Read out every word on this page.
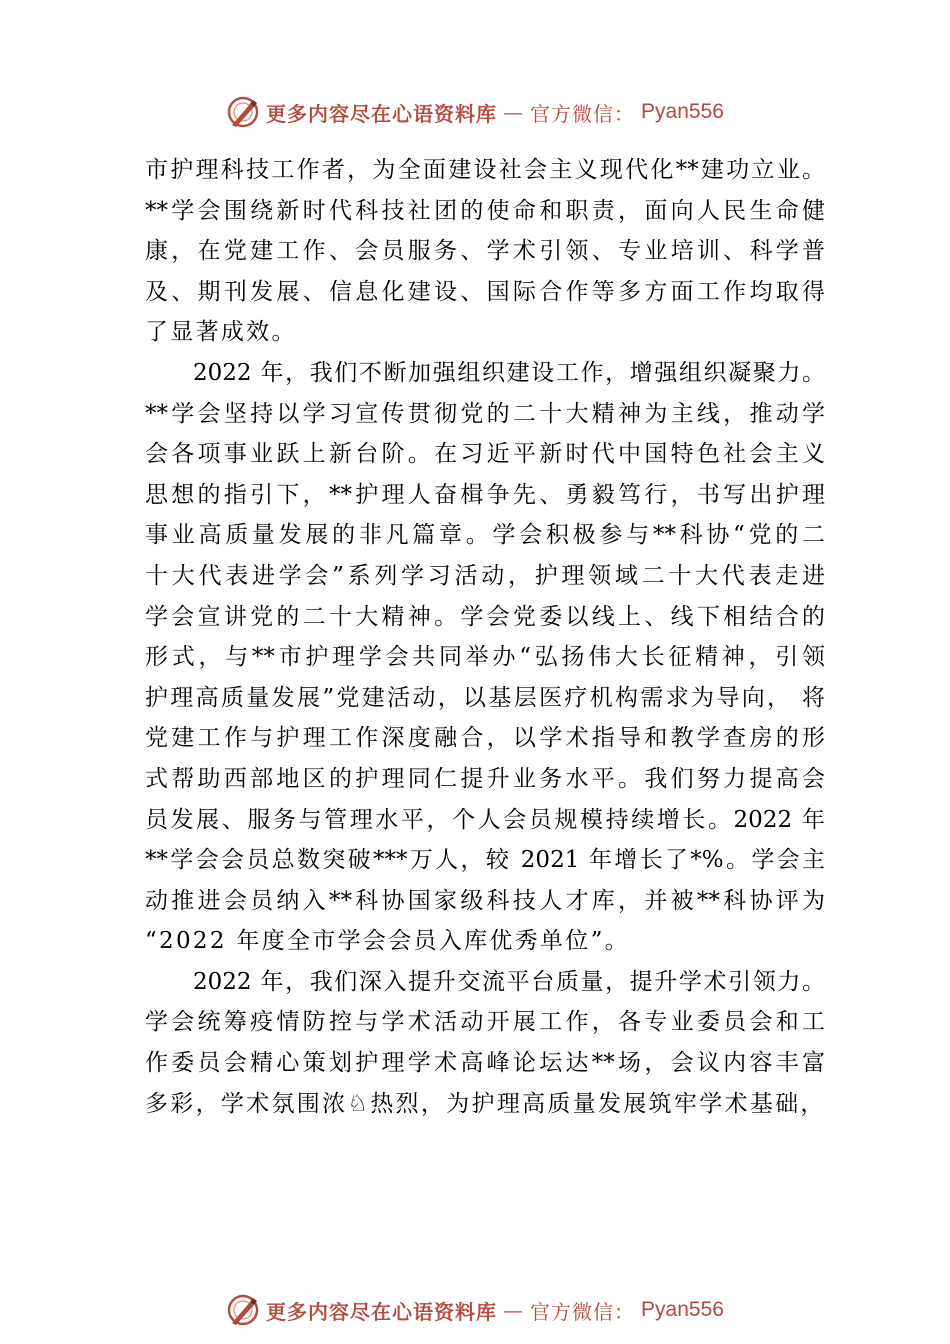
更多内容尽在心语资料库 — 官方微信： Pyan556
市护理科技工作者，为全面建设社会主义现代化**建功立业。
**学会围绕新时代科技社团的使命和职责，面向人民生命健
康，在党建工作、会员服务、学术引领、专业培训、科学普
及、期刊发展、信息化建设、国际合作等多方面工作均取得
了显著成效。
2022 年，我们不断加强组织建设工作，增强组织凝聚力。
**学会坚持以学习宣传贯彻党的二十大精神为主线，推动学
会各项事业跃上新台阶。在习近平新时代中国特色社会主义
思想的指引下，**护理人奋楫争先、勇毅笃行，书写出护理
事业高质量发展的非凡篇章。学会积极参与**科协“党的二
十大代表进学会”系列学习活动，护理领域二十大代表走进
学会宣讲党的二十大精神。学会党委以线上、线下相结合的
形式，与**市护理学会共同举办“弘扬伟大长征精神，引领
护理高质量发展”党建活动，以基层医疗机构需求为导向， 将
党建工作与护理工作深度融合，以学术指导和教学查房的形
式帮助西部地区的护理同仁提升业务水平。我们努力提高会
员发展、服务与管理水平，个人会员规模持续增长。2022 年
**学会会员总数突破***万人，较 2021 年增长了*%。学会主
动推进会员纳入**科协国家级科技人才库，并被**科协评为
“2022 年度全市学会会员入库优秀单位”。
2022 年，我们深入提升交流平台质量，提升学术引领力。
学会统筹疫情防控与学术活动开展工作，各专业委员会和工
作委员会精心策划护理学术高峰论坛达**场，会议内容丰富
多彩，学术氛围浓♘热烈，为护理高质量发展筑牢学术基础，
更多内容尽在心语资料库 — 官方微信： Pyan556
